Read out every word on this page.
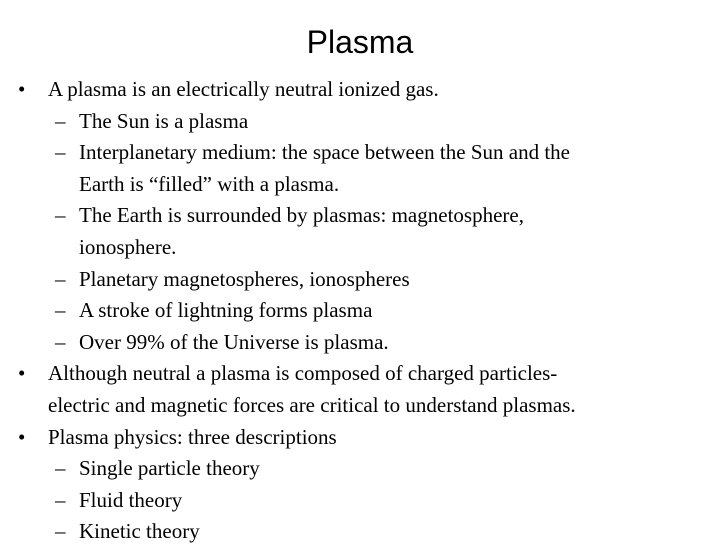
Plasma
• A plasma is an electrically neutral ionized gas.
– The Sun is a plasma
– Interplanetary medium: the space between the Sun and the
Earth is “filled” with a plasma.
– The Earth is surrounded by plasmas: magnetosphere,
ionosphere.
– Planetary magnetospheres, ionospheres
– A stroke of lightning forms plasma
– Over 99% of the Universe is plasma.
• Although neutral a plasma is composed of charged particles-
electric and magnetic forces are critical to understand plasmas.
• Plasma physics: three descriptions
– Single particle theory
– Fluid theory
– Kinetic theory
